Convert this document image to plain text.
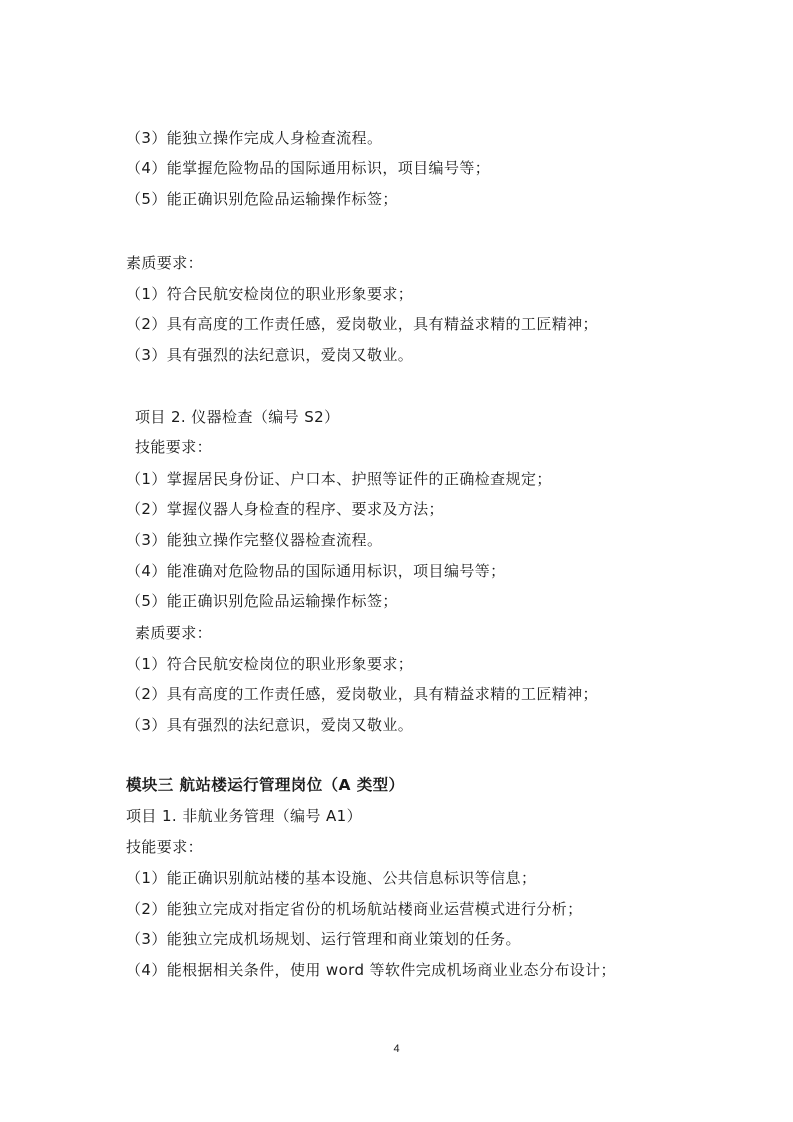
（3）能独立操作完成人身检查流程。
（4）能掌握危险物品的国际通用标识，项目编号等；
（5）能正确识别危险品运输操作标签；
素质要求：
（1）符合民航安检岗位的职业形象要求；
（2）具有高度的工作责任感，爱岗敬业，具有精益求精的工匠精神；
（3）具有强烈的法纪意识，爱岗又敬业。
项目 2. 仪器检查（编号 S2）
技能要求：
（1）掌握居民身份证、户口本、护照等证件的正确检查规定；
（2）掌握仪器人身检查的程序、要求及方法；
（3）能独立操作完整仪器检查流程。
（4）能准确对危险物品的国际通用标识，项目编号等；
（5）能正确识别危险品运输操作标签；
素质要求：
（1）符合民航安检岗位的职业形象要求；
（2）具有高度的工作责任感，爱岗敬业，具有精益求精的工匠精神；
（3）具有强烈的法纪意识，爱岗又敬业。
模块三 航站楼运行管理岗位（A 类型）
项目 1. 非航业务管理（编号 A1）
技能要求：
（1）能正确识别航站楼的基本设施、公共信息标识等信息；
（2）能独立完成对指定省份的机场航站楼商业运营模式进行分析；
（3）能独立完成机场规划、运行管理和商业策划的任务。
（4）能根据相关条件，使用 word 等软件完成机场商业业态分布设计；
4
